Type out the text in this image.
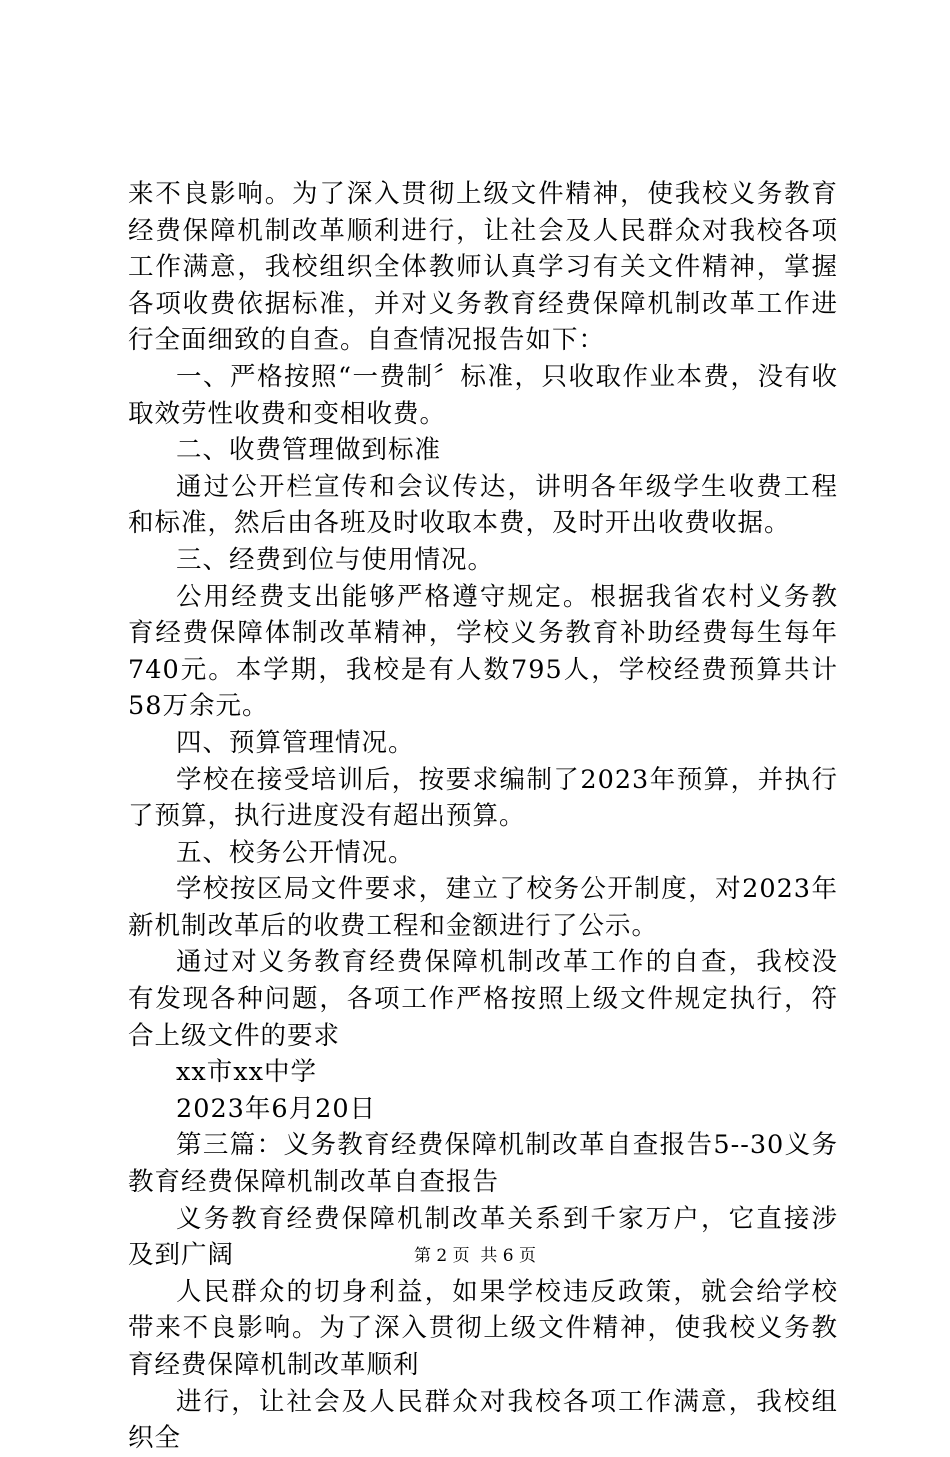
来不良影响。为了深入贯彻上级文件精神，使我校义务教育经费保障机制改革顺利进行，让社会及人民群众对我校各项工作满意，我校组织全体教师认真学习有关文件精神，掌握各项收费依据标准，并对义务教育经费保障机制改革工作进行全面细致的自查。自查情况报告如下：

一、严格按照“一费制〞标准，只收取作业本费，没有收取效劳性收费和变相收费。

二、收费管理做到标准

通过公开栏宣传和会议传达，讲明各年级学生收费工程和标准，然后由各班及时收取本费，及时开出收费收据。

三、经费到位与使用情况。

公用经费支出能够严格遵守规定。根据我省农村义务教育经费保障体制改革精神，学校义务教育补助经费每生每年740元。本学期，我校是有人数795人，学校经费预算共计58万余元。

四、预算管理情况。

学校在接受培训后，按要求编制了2023年预算，并执行了预算，执行进度没有超出预算。

五、校务公开情况。

学校按区局文件要求，建立了校务公开制度，对2023年新机制改革后的收费工程和金额进行了公示。

通过对义务教育经费保障机制改革工作的自查，我校没有发现各种问题，各项工作严格按照上级文件规定执行，符合上级文件的要求

xx市xx中学

2023年6月20日

第三篇：义务教育经费保障机制改革自查报告5--30义务教育经费保障机制改革自查报告

义务教育经费保障机制改革关系到千家万户，它直接涉及到广阔

人民群众的切身利益，如果学校违反政策，就会给学校带来不良影响。为了深入贯彻上级文件精神，使我校义务教育经费保障机制改革顺利

进行，让社会及人民群众对我校各项工作满意，我校组织全

第 2 页  共 6 页
